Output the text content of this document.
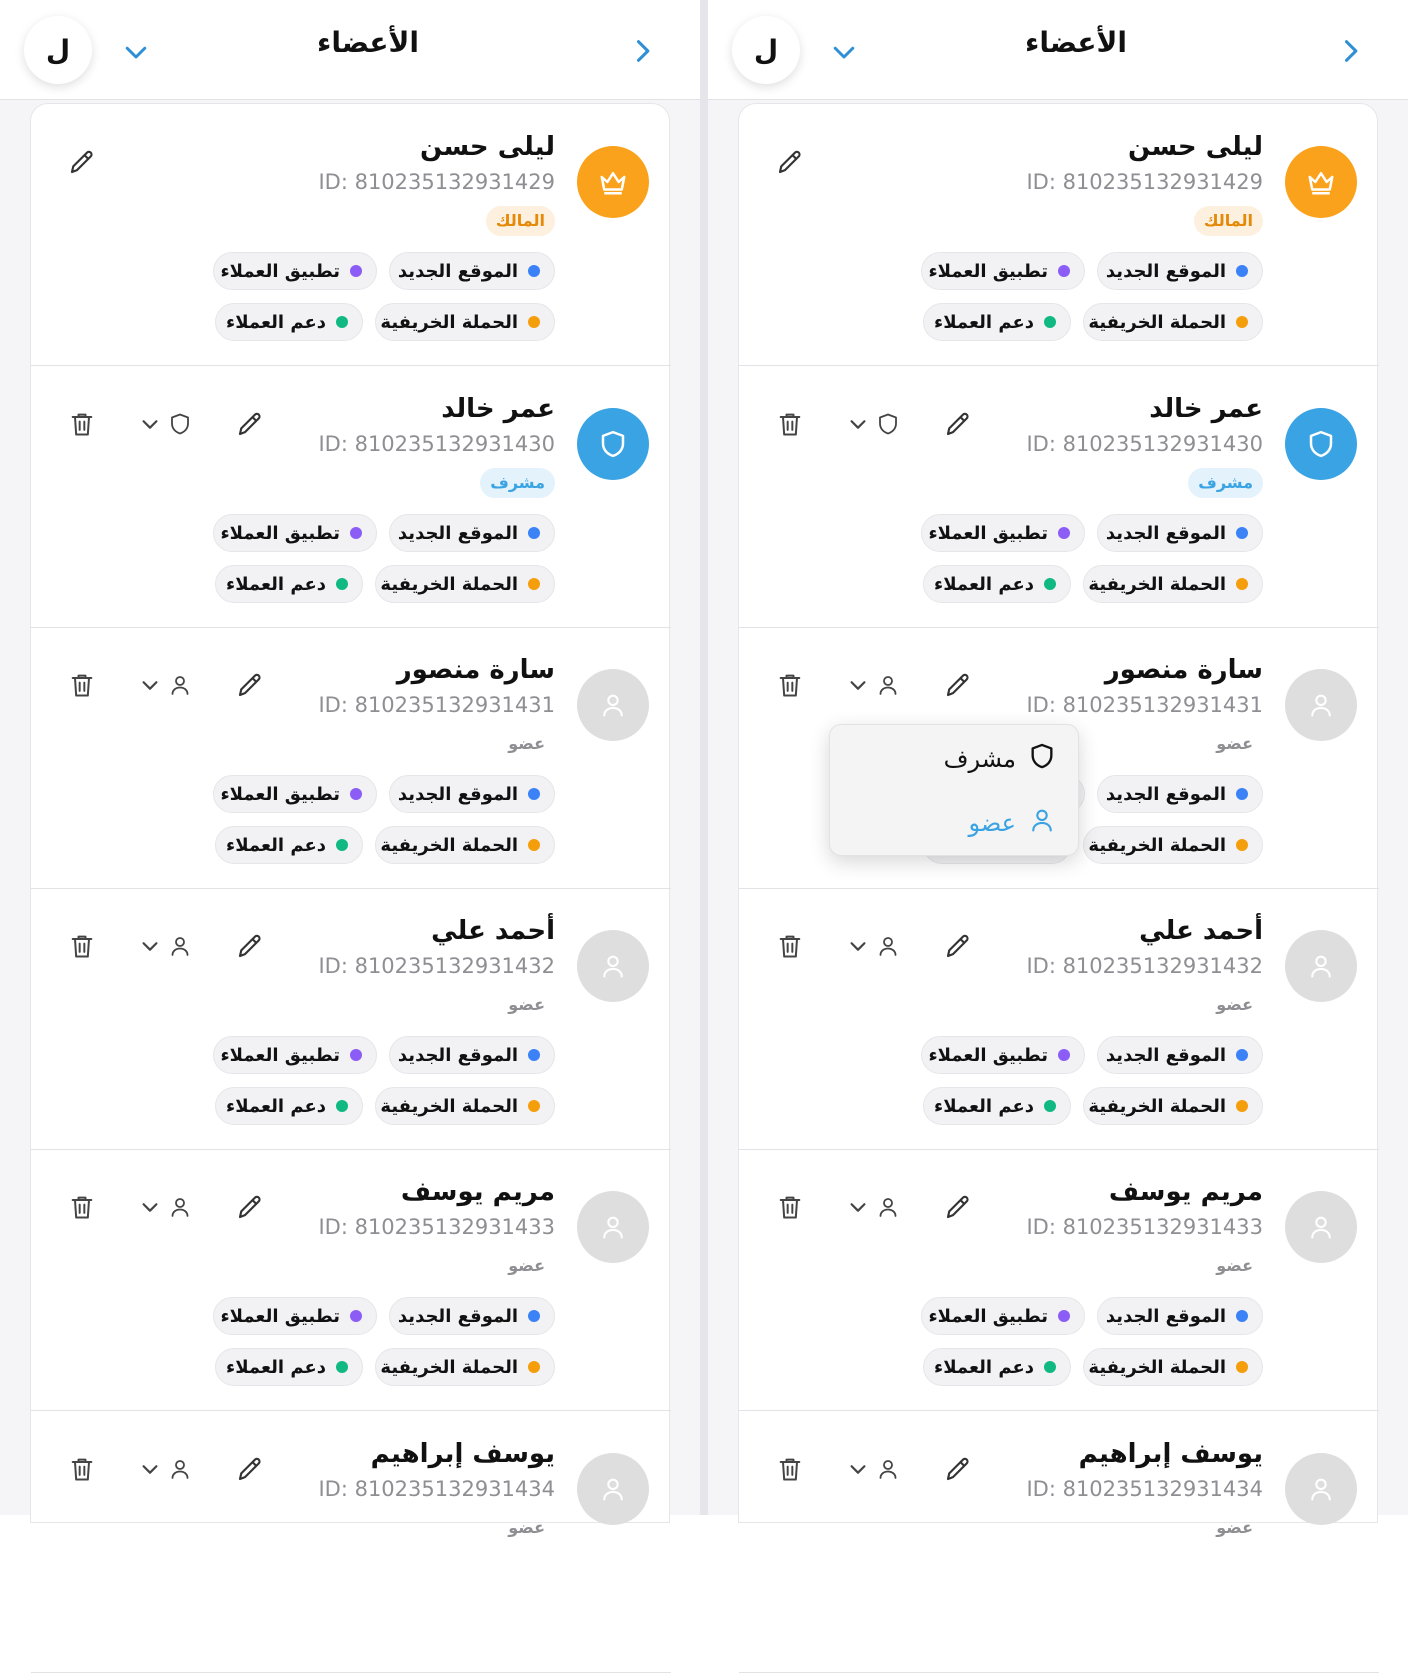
ل	الأعضاء
ليلى حسن
ID: 810235132931429
المالك
الموقع الجديد
تطبيق العملاء
الحملة الخريفية
دعم العملاء
عمر خالد
ID: 810235132931430
مشرف
الموقع الجديد
تطبيق العملاء
الحملة الخريفية
دعم العملاء
سارة منصور
ID: 810235132931431
عضو
الموقع الجديد
تطبيق العملاء
الحملة الخريفية
دعم العملاء
أحمد علي
ID: 810235132931432
عضو
الموقع الجديد
تطبيق العملاء
الحملة الخريفية
دعم العملاء
مريم يوسف
ID: 810235132931433
عضو
الموقع الجديد
تطبيق العملاء
الحملة الخريفية
دعم العملاء
يوسف إبراهيم
ID: 810235132931434
عضو
ل	الأعضاء
ليلى حسن
ID: 810235132931429
المالك
الموقع الجديد
تطبيق العملاء
الحملة الخريفية
دعم العملاء
عمر خالد
ID: 810235132931430
مشرف
الموقع الجديد
تطبيق العملاء
الحملة الخريفية
دعم العملاء
سارة منصور
ID: 810235132931431
عضو
الموقع الجديد
الحملة الخريفية
أحمد علي
ID: 810235132931432
عضو
الموقع الجديد
تطبيق العملاء
الحملة الخريفية
دعم العملاء
مريم يوسف
ID: 810235132931433
عضو
الموقع الجديد
تطبيق العملاء
الحملة الخريفية
دعم العملاء
يوسف إبراهيم
ID: 810235132931434
عضو
مشرف
عضو
